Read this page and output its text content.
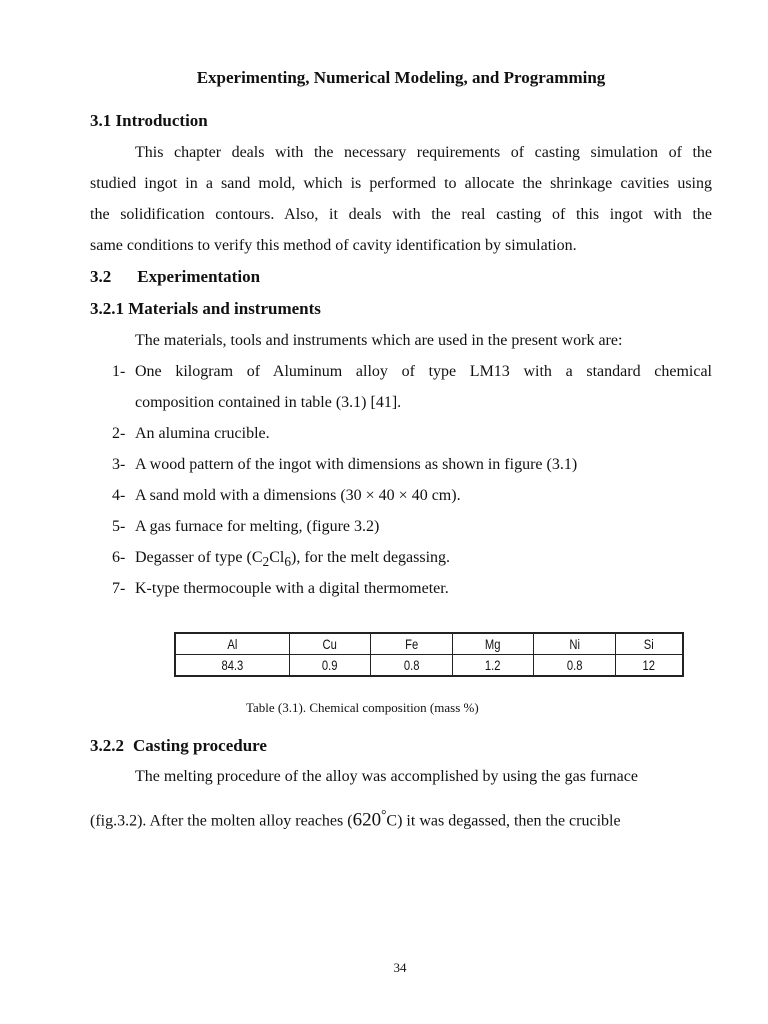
Experimenting, Numerical Modeling, and Programming
3.1 Introduction
This chapter deals with the necessary requirements of casting simulation of the
studied ingot in a sand mold, which is performed to allocate the shrinkage cavities using
the solidification contours. Also, it deals with the real casting of this ingot with the
same conditions to verify this method of cavity identification by simulation.
3.2 Experimentation
3.2.1 Materials and instruments
The materials, tools and instruments which are used in the present work are:
1- One kilogram of Aluminum alloy of type LM13 with a standard chemical
composition contained in table (3.1) [41].
2- An alumina crucible.
3- A wood pattern of the ingot with dimensions as shown in figure (3.1)
4- A sand mold with a dimensions (30 × 40 × 40 cm).
5- A gas furnace for melting, (figure 3.2)
6- Degasser of type $(C_2Cl_6)$, for the melt degassing.
7- K-type thermocouple with a digital thermometer.
Al	Cu	Fe	Mg	Ni	Si
84.3	0.9	0.8	1.2	0.8	12
Table (3.1). Chemical composition (mass %)
3.2.2 Casting procedure
The melting procedure of the alloy was accomplished by using the gas furnace
(fig.3.2). After the molten alloy reaches (620°C) it was degassed, then the crucible
34
